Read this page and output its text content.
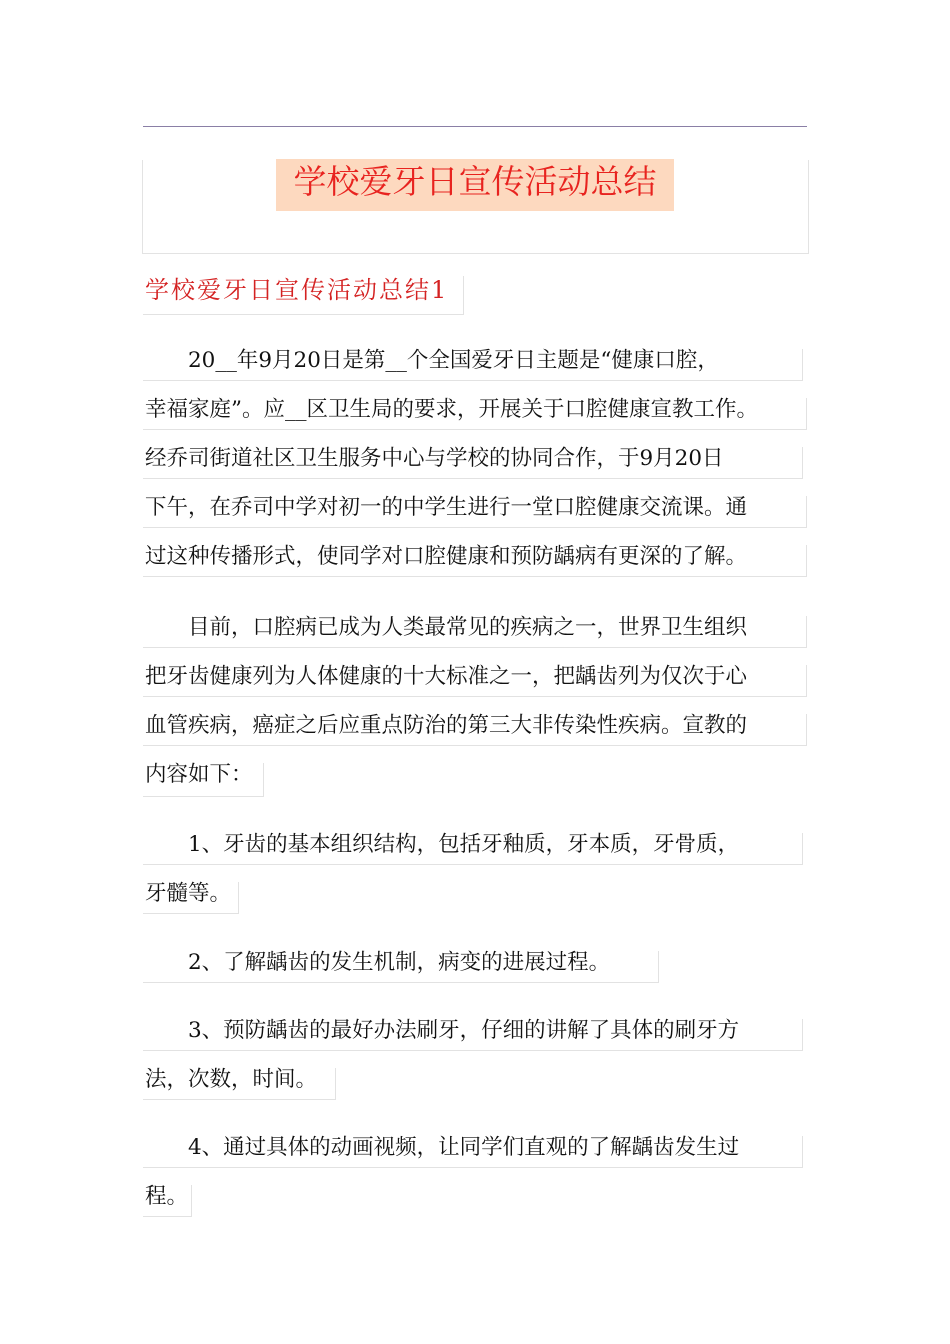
学校爱牙日宣传活动总结
学校爱牙日宣传活动总结1
　　20__年9月20日是第__个全国爱牙日主题是“健康口腔，
幸福家庭”。应__区卫生局的要求，开展关于口腔健康宣教工作。
经乔司街道社区卫生服务中心与学校的协同合作，于9月20日
下午，在乔司中学对初一的中学生进行一堂口腔健康交流课。通
过这种传播形式，使同学对口腔健康和预防龋病有更深的了解。
　　目前，口腔病已成为人类最常见的疾病之一，世界卫生组织
把牙齿健康列为人体健康的十大标准之一，把龋齿列为仅次于心
血管疾病，癌症之后应重点防治的第三大非传染性疾病。宣教的
内容如下：
　　1、牙齿的基本组织结构，包括牙釉质，牙本质，牙骨质，
牙髓等。
　　2、了解龋齿的发生机制，病变的进展过程。
　　3、预防龋齿的最好办法刷牙，仔细的讲解了具体的刷牙方
法，次数，时间。
　　4、通过具体的动画视频，让同学们直观的了解龋齿发生过
程。
